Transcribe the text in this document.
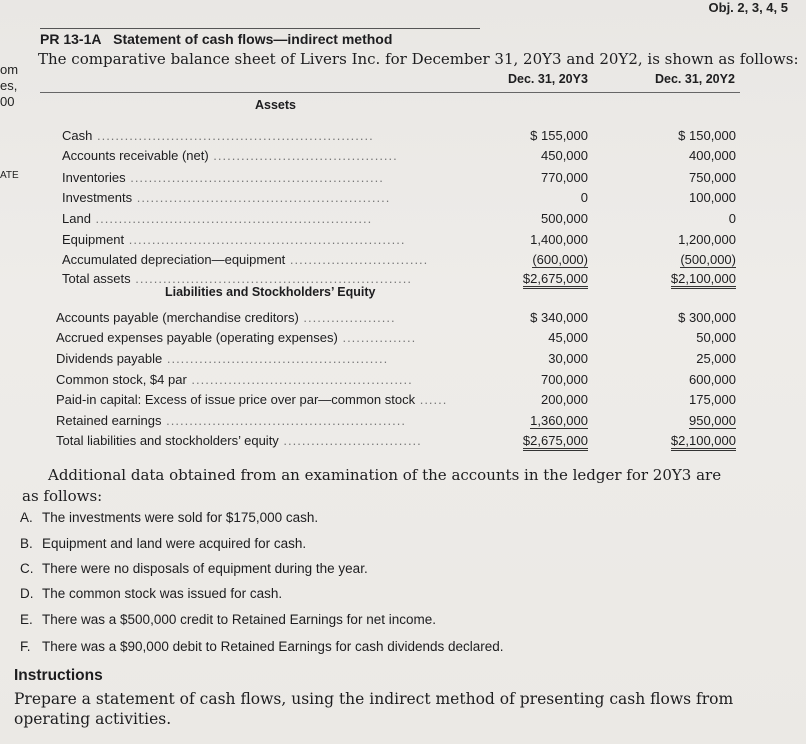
om
es,
00
ATE
Obj. 2, 3, 4, 5
PR 13-1A Statement of cash flows—indirect method
The comparative balance sheet of Livers Inc. for December 31, 20Y3 and 20Y2, is shown as follows:
Dec. 31, 20Y3	Dec. 31, 20Y2
Assets
Cash ............................................................	$ 155,000	$ 150,000
Accounts receivable (net) ........................................	450,000	400,000
Inventories .......................................................	770,000	750,000
Investments .......................................................	0	100,000
Land ............................................................	500,000	0
Equipment ............................................................	1,400,000	1,200,000
Accumulated depreciation—equipment ..............................	(600,000)	(500,000)
Total assets ............................................................	$2,675,000	$2,100,000
Liabilities and Stockholders’ Equity
Accounts payable (merchandise creditors) ....................	$ 340,000	$ 300,000
Accrued expenses payable (operating expenses) ................	45,000	50,000
Dividends payable ................................................	30,000	25,000
Common stock, $4 par ................................................	700,000	600,000
Paid-in capital: Excess of issue price over par—common stock ......	200,000	175,000
Retained earnings ....................................................	1,360,000	950,000
Total liabilities and stockholders’ equity ..............................	$2,675,000	$2,100,000
Additional data obtained from an examination of the accounts in the ledger for 20Y3 are
as follows:
A. The investments were sold for $175,000 cash.
B. Equipment and land were acquired for cash.
C. There were no disposals of equipment during the year.
D. The common stock was issued for cash.
E. There was a $500,000 credit to Retained Earnings for net income.
F. There was a $90,000 debit to Retained Earnings for cash dividends declared.
Instructions
Prepare a statement of cash flows, using the indirect method of presenting cash flows from
operating activities.
